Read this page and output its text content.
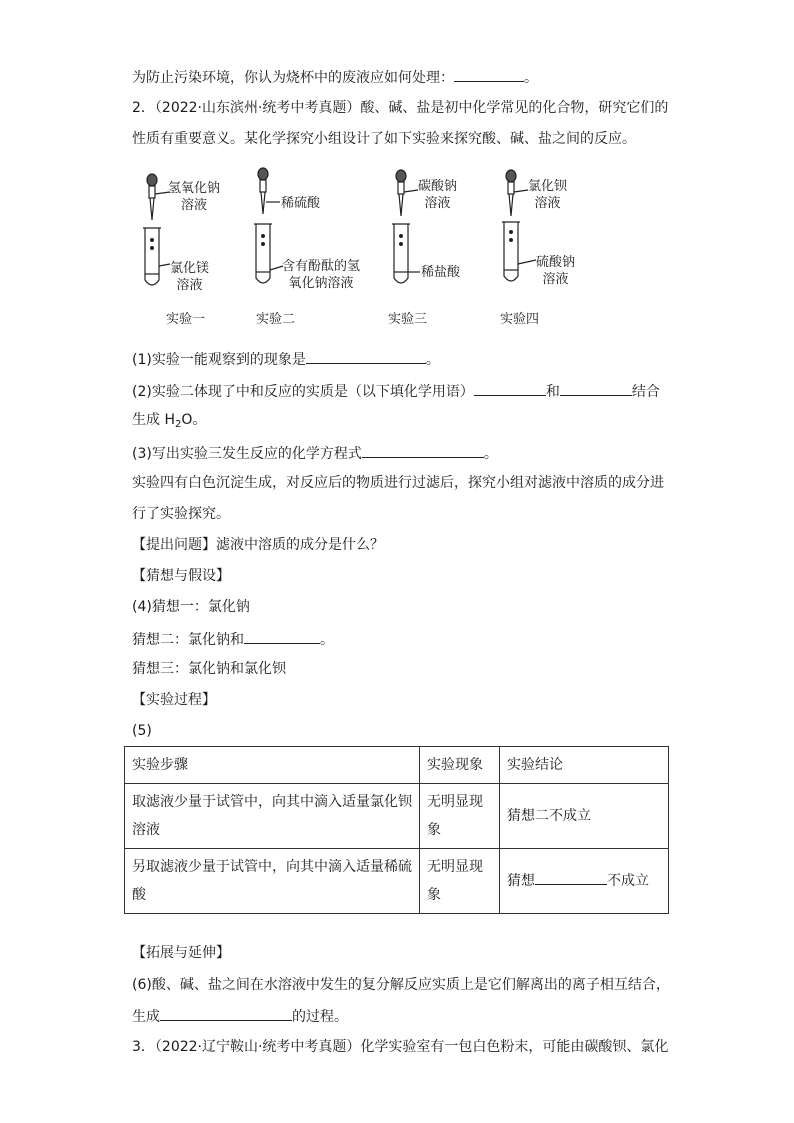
为防止污染环境，你认为烧杯中的废液应如何处理：	。
2．（2022·山东滨州·统考中考真题）酸、碱、盐是初中化学常见的化合物，研究它们的
性质有重要意义。某化学探究小组设计了如下实验来探究酸、碱、盐之间的反应。
氢氧化钠
溶液
氯化镁
溶液
实验一
稀硫酸
含有酚酞的氢
氧化钠溶液
实验二
碳酸钠
溶液
稀盐酸
实验三
氯化钡
溶液
硫酸钠
溶液
实验四
(1)实验一能观察到的现象是	。
(2)实验二体现了中和反应的实质是（以下填化学用语）	和	结合
生成 $H_2O$。
(3)写出实验三发生反应的化学方程式	。
实验四有白色沉淀生成，对反应后的物质进行过滤后，探究小组对滤液中溶质的成分进
行了实验探究。
【提出问题】滤液中溶质的成分是什么？
【猜想与假设】
(4)猜想一：氯化钠
猜想二：氯化钠和	。
猜想三：氯化钠和氯化钡
【实验过程】
(5)
实验步骤	实验现象	实验结论
取滤液少量于试管中，向其中滴入适量氯化钡溶液	无明显现象	猜想二不成立
另取滤液少量于试管中，向其中滴入适量稀硫酸	无明显现象	猜想 不成立
【拓展与延伸】
(6)酸、碱、盐之间在水溶液中发生的复分解反应实质上是它们解离出的离子相互结合，
生成	的过程。
3．（2022·辽宁鞍山·统考中考真题）化学实验室有一包白色粉末，可能由碳酸钡、氯化
